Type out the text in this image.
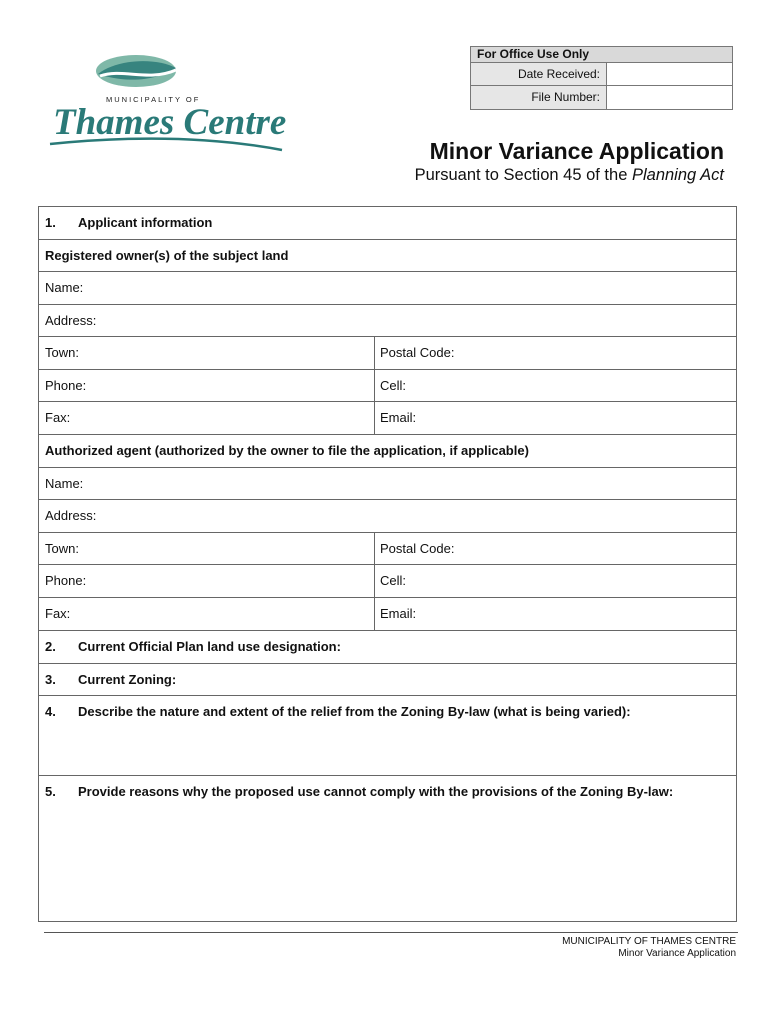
MUNICIPALITY OF
Thames Centre
For Office Use Only
Date Received:
File Number:
Minor Variance Application
Pursuant to Section 45 of the Planning Act
1. Applicant information
Registered owner(s) of the subject land
Name:
Address:
Town:	Postal Code:
Phone:	Cell:
Fax:	Email:
Authorized agent (authorized by the owner to file the application, if applicable)
Name:
Address:
Town:	Postal Code:
Phone:	Cell:
Fax:	Email:
2. Current Official Plan land use designation:
3. Current Zoning:
4. Describe the nature and extent of the relief from the Zoning By-law (what is being varied):
5. Provide reasons why the proposed use cannot comply with the provisions of the Zoning By-law:
MUNICIPALITY OF THAMES CENTRE
Minor Variance Application
